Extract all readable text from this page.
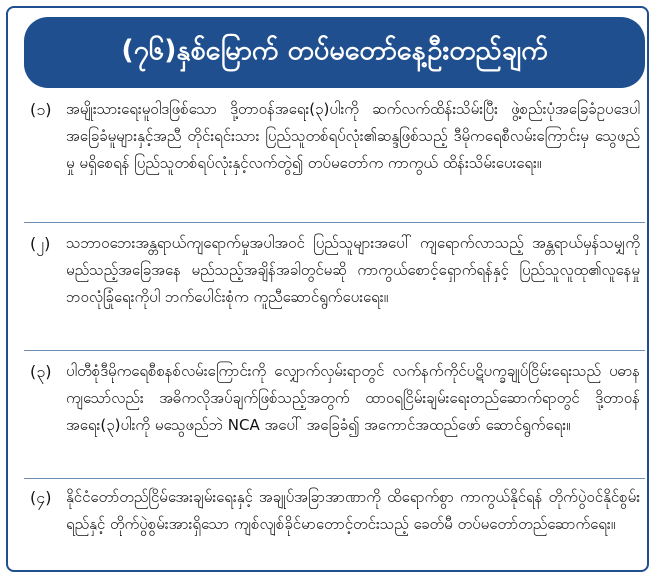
(၇၆)နှစ်မြောက် တပ်မတော်နေ့ဦးတည်ချက်
(၁) အမျိုးသားရေးမူဝါဒဖြစ်သော ဒို့တာဝန်အရေး(၃)ပါးကို ဆက်လက်ထိန်းသိမ်းပြီး ဖွဲ့စည်းပုံအခြေခံဥပဒေပါ အခြေခံမူများနှင့်အညီ တိုင်းရင်းသား ပြည်သူတစ်ရပ်လုံး၏ဆန္ဒဖြစ်သည့် ဒီမိုကရေစီလမ်းကြောင်းမှ သွေဖည်မှု မရှိစေရန် ပြည်သူတစ်ရပ်လုံးနှင့်လက်တွဲ၍ တပ်မတော်က ကာကွယ် ထိန်းသိမ်းပေးရေး။
(၂)	သဘာဝဘေးအန္တရာယ်ကျရောက်မှုအပါအဝင် ပြည်သူများအပေါ် ကျရောက်လာသည့် အန္တရာယ်မှန်သမျှကို မည်သည့်အခြေအနေ မည်သည့်အချိန်အခါတွင်မဆို ကာကွယ်စောင့်ရှောက်ရန်နှင့် ပြည်သူလူထု၏လူနေမှုဘဝလုံခြုံရေးကိုပါ ဘက်ပေါင်းစုံက ကူညီဆောင်ရွက်ပေးရေး။
(၃) ပါတီစုံဒီမိုကရေစီစနစ်လမ်းကြောင်းကို လျှောက်လှမ်းရာတွင် လက်နက်ကိုင်ပဋိပက္ခချုပ်ငြိမ်းရေးသည် ပဓာနကျသော်လည်း အဓိကလိုအပ်ချက်ဖြစ်သည့်အတွက် ထာဝရငြိမ်းချမ်းရေးတည်ဆောက်ရာတွင် ဒို့တာဝန်အရေး(၃)ပါးကို မသွေဖည်ဘဲ NCA အပေါ် အခြေခံ၍ အကောင်အထည်ဖော် ဆောင်ရွက်ရေး။
(၄) နိုင်ငံတော်တည်ငြိမ်အေးချမ်းရေးနှင့် အချုပ်အခြာအာဏာကို ထိရောက်စွာ ကာကွယ်နိုင်ရန် တိုက်ပွဲဝင်နိုင်စွမ်းရည်နှင့် တိုက်ပွဲစွမ်းအားရှိသော ကျစ်လျစ်ခိုင်မာတောင့်တင်းသည့် ခေတ်မီ တပ်မတော်တည်ဆောက်ရေး။
